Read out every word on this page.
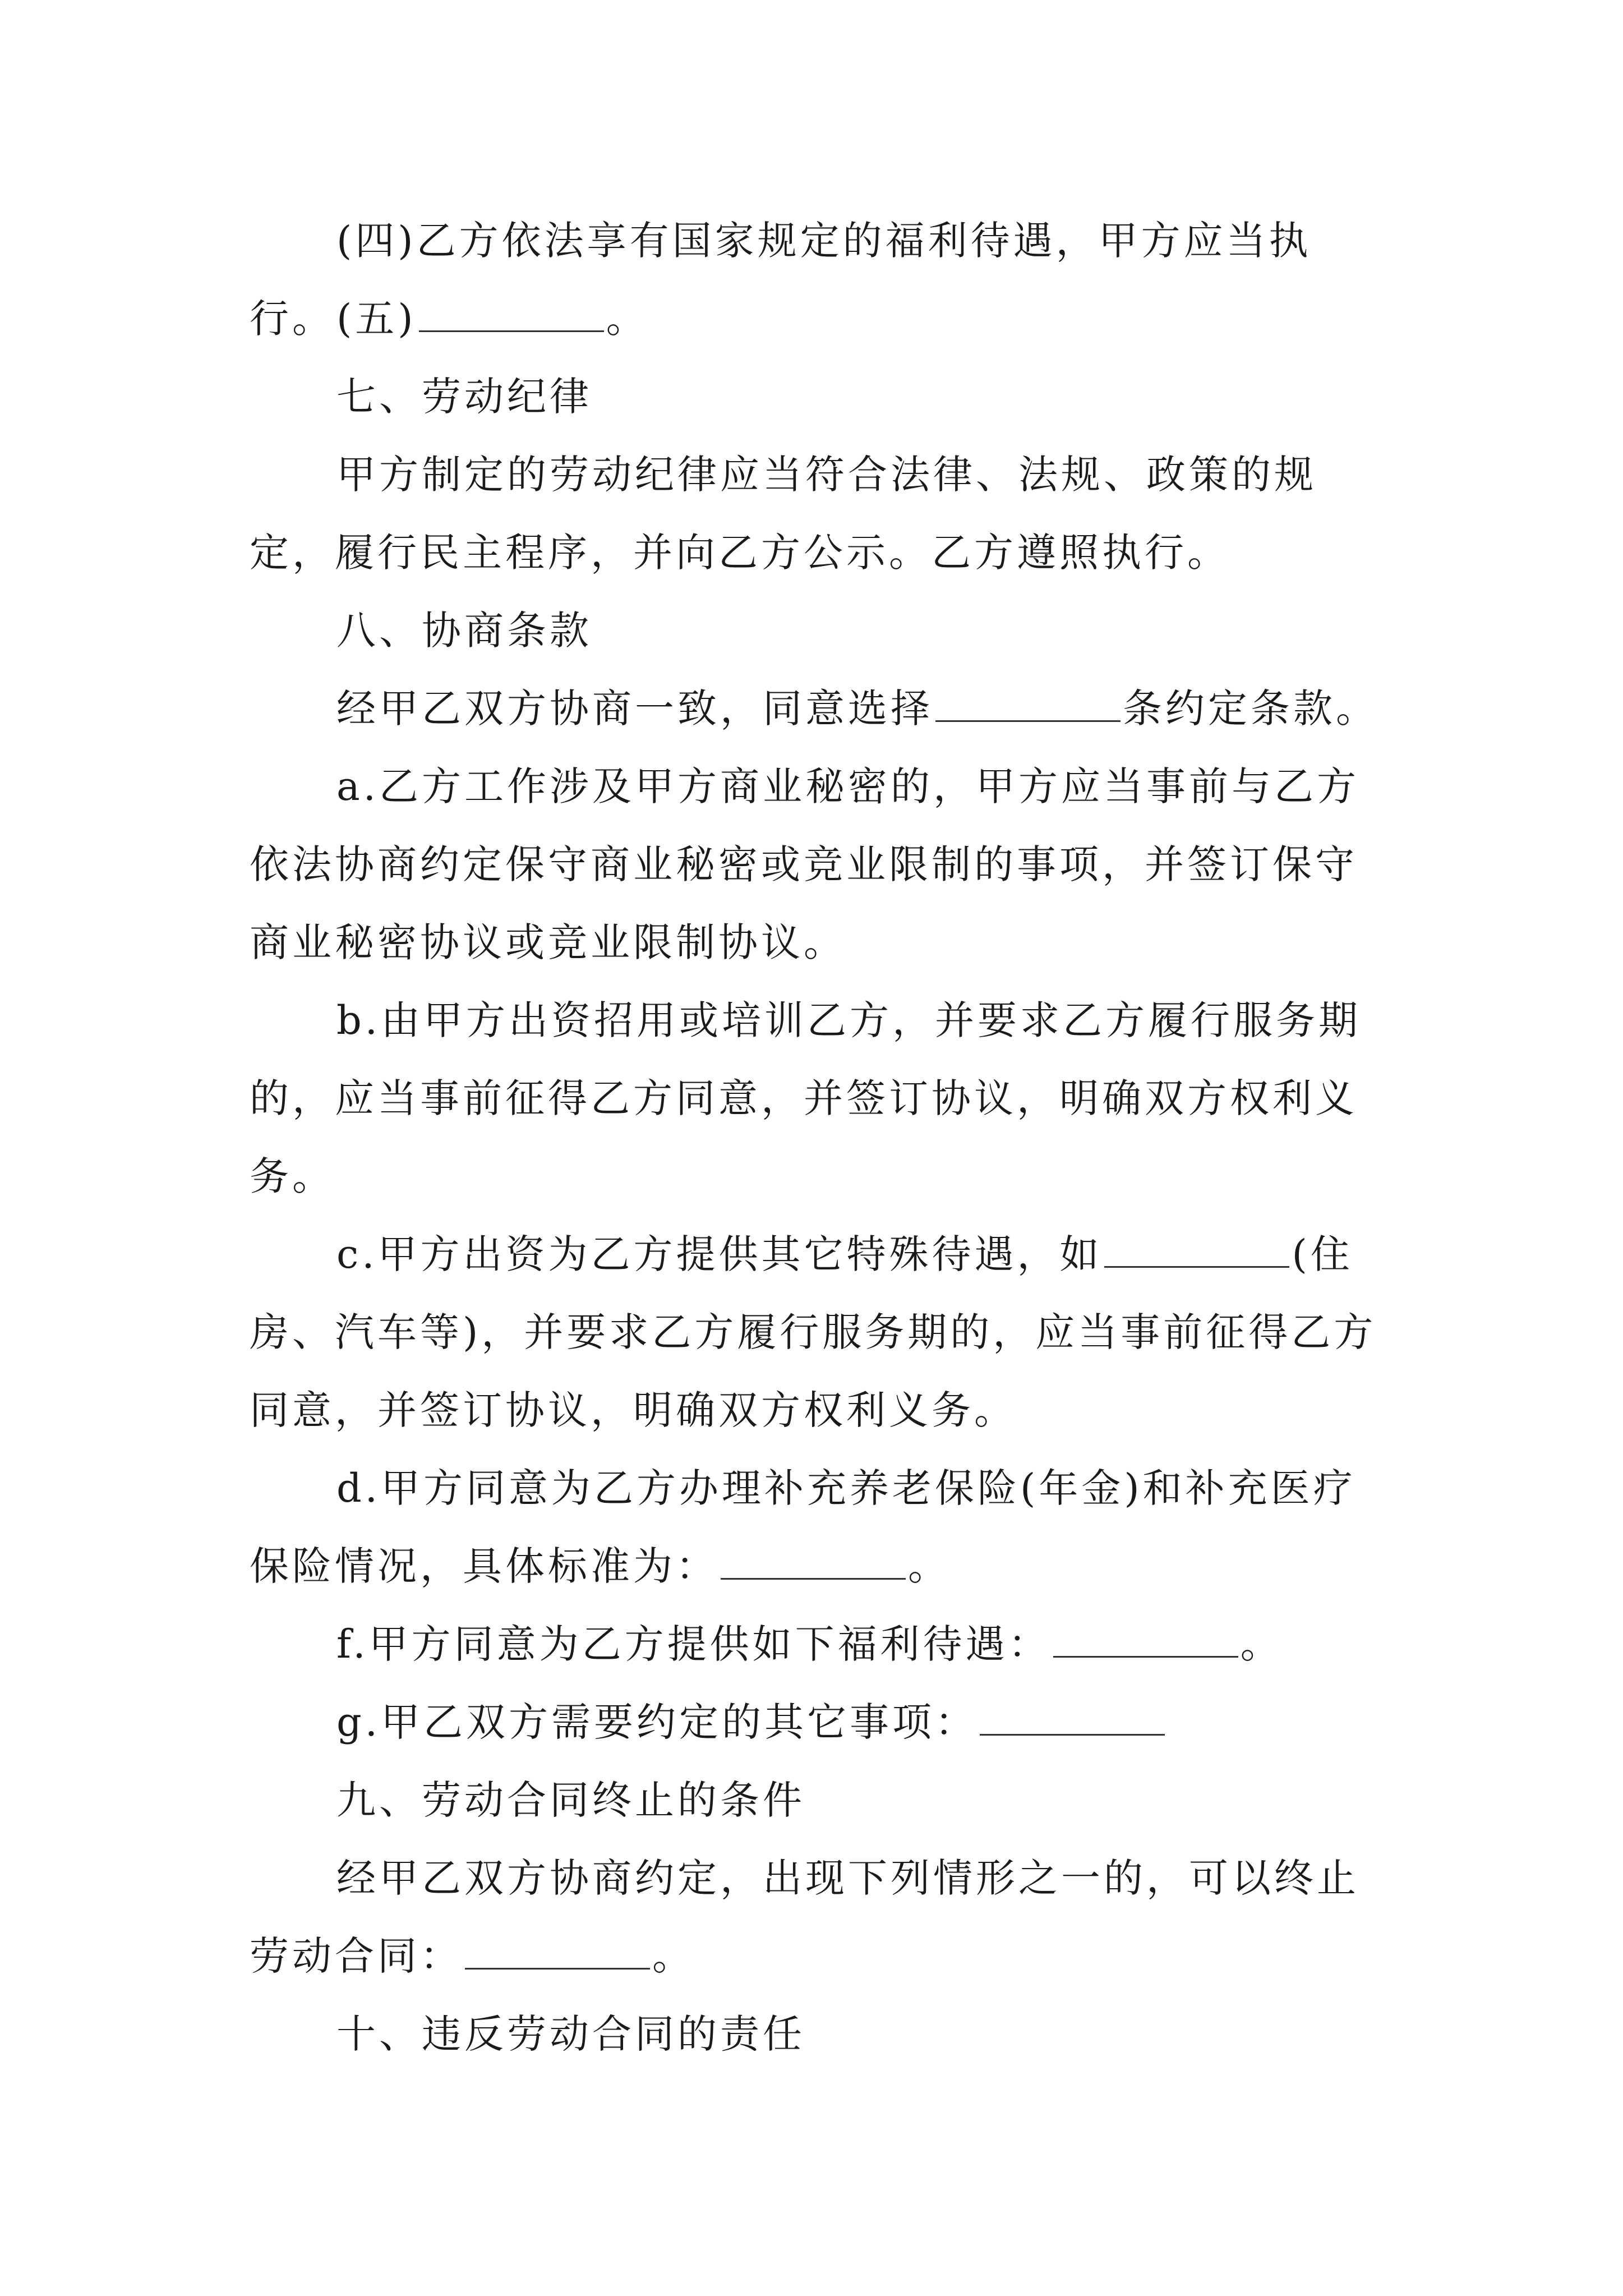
(四)乙方依法享有国家规定的福利待遇，甲方应当执行。 (五)	。

七、劳动纪律

甲方制定的劳动纪律应当符合法律、法规、政策的规定，履行民主程序，并向乙方公示。乙方遵照执行。

八、协商条款

经甲乙双方协商一致，同意选择	条约定条款。

a.乙方工作涉及甲方商业秘密的，甲方应当事前与乙方依法协商约定保守商业秘密或竞业限制的事项，并签订保守商业秘密协议或竞业限制协议。

b.由甲方出资招用或培训乙方，并要求乙方履行服务期的，应当事前征得乙方同意，并签订协议，明确双方权利义务。

c.甲方出资为乙方提供其它特殊待遇，如	(住房、汽车等)，并要求乙方履行服务期的，应当事前征得乙方同意，并签订协议，明确双方权利义务。

d.甲方同意为乙方办理补充养老保险(年金)和补充医疗保险情况，具体标准为：	。

f.甲方同意为乙方提供如下福利待遇：	。

g.甲乙双方需要约定的其它事项：

九、劳动合同终止的条件

经甲乙双方协商约定，出现下列情形之一的，可以终止劳动合同：	。

十、违反劳动合同的责任
